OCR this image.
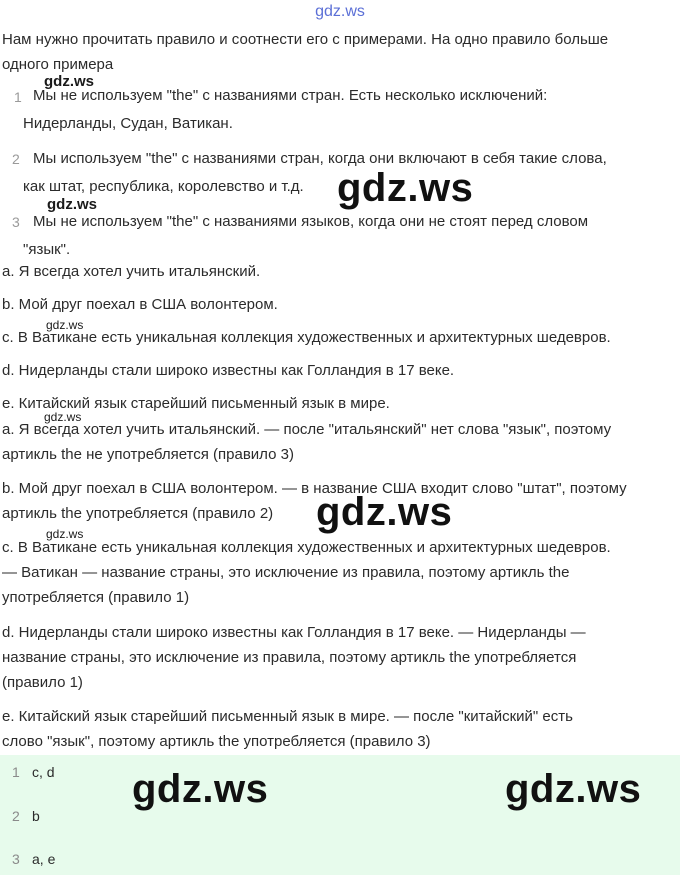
gdz.ws
Нам нужно прочитать правило и соотнести его с примерами. На одно правило больше
одного примера
gdz.ws
1 Мы не используем "the" с названиями стран. Есть несколько исключений:
Нидерланды, Судан, Ватикан.
2 Мы используем "the" с названиями стран, когда они включают в себя такие слова,
как штат, республика, королевство и т.д. gdz.ws
gdz.ws
3 Мы не используем "the" с названиями языков, когда они не стоят перед словом
"язык".
a. Я всегда хотел учить итальянский.
b. Мой друг поехал в США волонтером.
gdz.ws
c. В Ватикане есть уникальная коллекция художественных и архитектурных шедевров.
d. Нидерланды стали широко известны как Голландия в 17 веке.
e. Китайский язык старейший письменный язык в мире.
gdz.ws
a. Я всегда хотел учить итальянский. — после "итальянский" нет слова "язык", поэтому
артикль the не употребляется (правило 3)
b. Мой друг поехал в США волонтером. — в название США входит слово "штат", поэтому
артикль the употребляется (правило 2) gdz.ws
gdz.ws
c. В Ватикане есть уникальная коллекция художественных и архитектурных шедевров.
— Ватикан — название страны, это исключение из правила, поэтому артикль the
употребляется (правило 1)
d. Нидерланды стали широко известны как Голландия в 17 веке. — Нидерланды —
название страны, это исключение из правила, поэтому артикль the употребляется
(правило 1)
e. Китайский язык старейший письменный язык в мире. — после "китайский" есть
слово "язык", поэтому артикль the употребляется (правило 3)
1 c, d
2 b
3 a, e
gdz.ws	gdz.ws
